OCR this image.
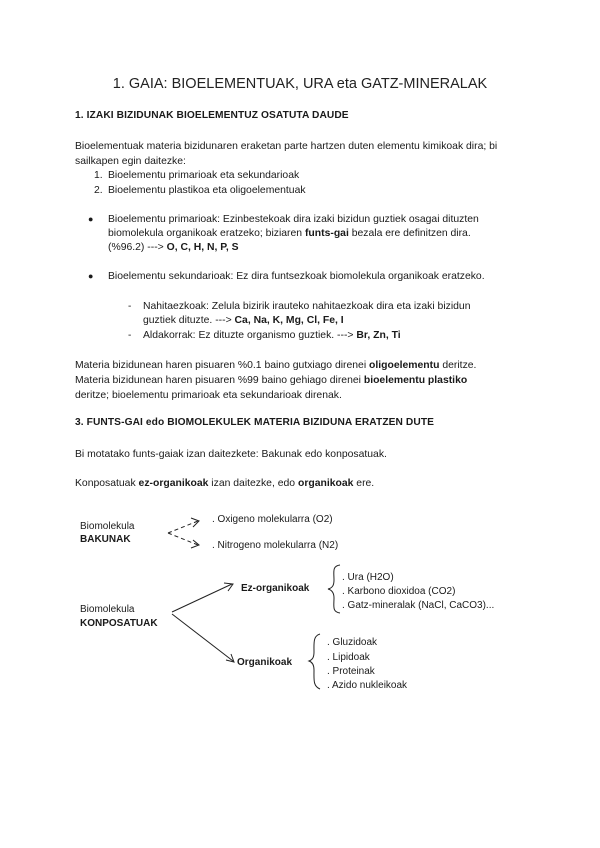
1. GAIA: BIOELEMENTUAK, URA eta GATZ-MINERALAK
1. IZAKI BIZIDUNAK BIOELEMENTUZ OSATUTA DAUDE
Bioelementuak materia bizidunaren eraketan parte hartzen duten elementu kimikoak dira; bi
sailkapen egin daitezke:
1. Bioelementu primarioak eta sekundarioak
2. Bioelementu plastikoa eta oligoelementuak
● Bioelementu primarioak: Ezinbestekoak dira izaki bizidun guztiek osagai dituzten
biomolekula organikoak eratzeko; biziaren funts-gai bezala ere definitzen dira.
(%96.2) ---> O, C, H, N, P, S
● Bioelementu sekundarioak: Ez dira funtsezkoak biomolekula organikoak eratzeko.
- Nahitaezkoak: Zelula bizirik irauteko nahitaezkoak dira eta izaki bizidun
guztiek dituzte. ---> Ca, Na, K, Mg, Cl, Fe, I
- Aldakorrak: Ez dituzte organismo guztiek. ---> Br, Zn, Ti
Materia bizidunean haren pisuaren %0.1 baino gutxiago direnei oligoelementu deritze.
Materia bizidunean haren pisuaren %99 baino gehiago direnei bioelementu plastiko
deritze; bioelementu primarioak eta sekundarioak direnak.
3. FUNTS-GAI edo BIOMOLEKULEK MATERIA BIZIDUNA ERATZEN DUTE
Bi motatako funts-gaiak izan daitezkete: Bakunak edo konposatuak.
Konposatuak ez-organikoak izan daitezke, edo organikoak ere.
Biomolekula
BAKUNAK
. Oxigeno molekularra (O2)
. Nitrogeno molekularra (N2)
Biomolekula
KONPOSATUAK
Ez-organikoak
. Ura (H2O)
. Karbono dioxidoa (CO2)
. Gatz-mineralak (NaCl, CaCO3)...
Organikoak
. Gluzidoak
. Lipidoak
. Proteinak
. Azido nukleikoak
